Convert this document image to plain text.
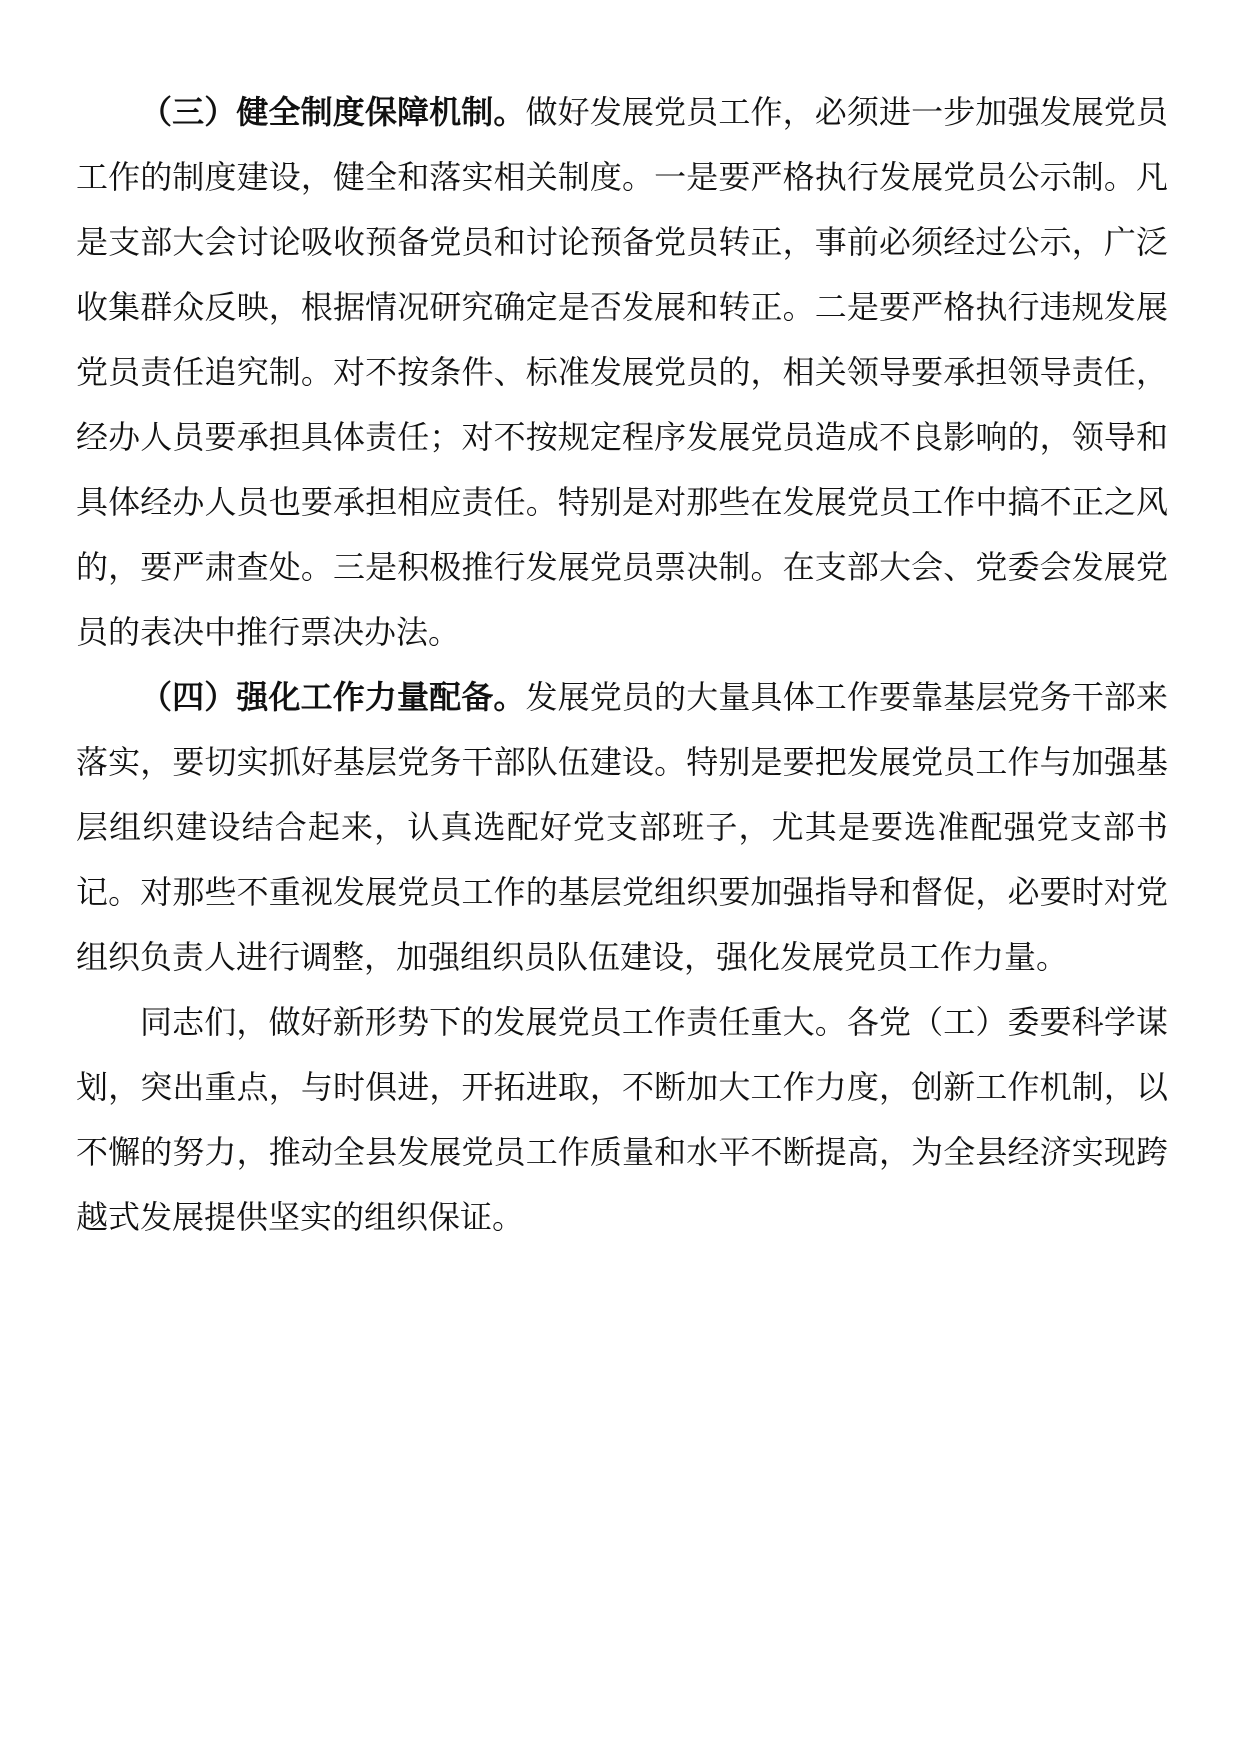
（三）健全制度保障机制。做好发展党员工作，必须进一步加强发展党员工作的制度建设，健全和落实相关制度。一是要严格执行发展党员公示制。凡是支部大会讨论吸收预备党员和讨论预备党员转正，事前必须经过公示，广泛收集群众反映，根据情况研究确定是否发展和转正。二是要严格执行违规发展党员责任追究制。对不按条件、标准发展党员的，相关领导要承担领导责任，经办人员要承担具体责任；对不按规定程序发展党员造成不良影响的，领导和具体经办人员也要承担相应责任。特别是对那些在发展党员工作中搞不正之风的，要严肃查处。三是积极推行发展党员票决制。在支部大会、党委会发展党员的表决中推行票决办法。

（四）强化工作力量配备。发展党员的大量具体工作要靠基层党务干部来落实，要切实抓好基层党务干部队伍建设。特别是要把发展党员工作与加强基层组织建设结合起来，认真选配好党支部班子，尤其是要选准配强党支部书记。对那些不重视发展党员工作的基层党组织要加强指导和督促，必要时对党组织负责人进行调整，加强组织员队伍建设，强化发展党员工作力量。

同志们，做好新形势下的发展党员工作责任重大。各党（工）委要科学谋划，突出重点，与时俱进，开拓进取，不断加大工作力度，创新工作机制，以不懈的努力，推动全县发展党员工作质量和水平不断提高，为全县经济实现跨越式发展提供坚实的组织保证。
